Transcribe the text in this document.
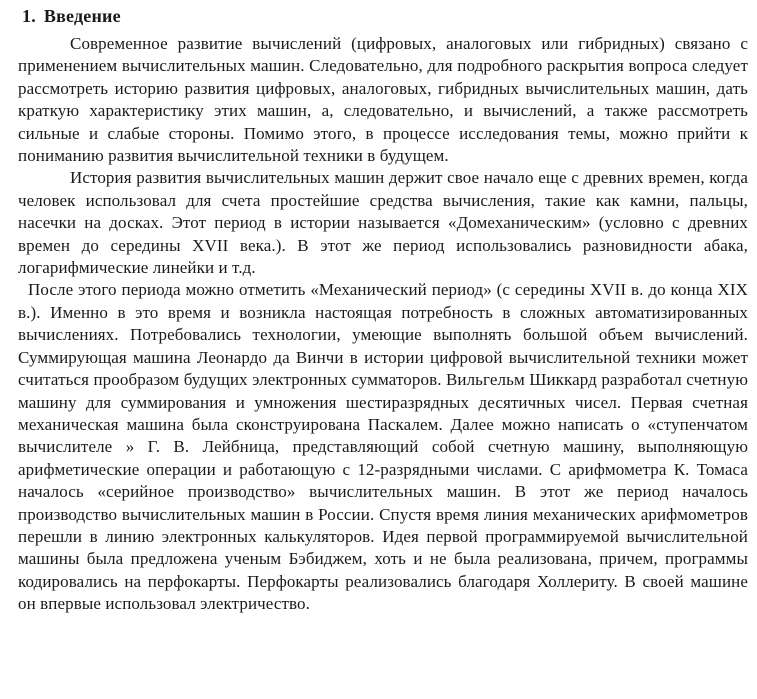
1. Введение

Современное развитие вычислений (цифровых, аналоговых или гибридных) связано с применением вычислительных машин. Следовательно, для подробного раскрытия вопроса следует рассмотреть историю развития цифровых, аналоговых, гибридных вычислительных машин, дать краткую характеристику этих машин, а, следовательно, и вычислений, а также рассмотреть сильные и слабые стороны. Помимо этого, в процессе исследования темы, можно прийти к пониманию развития вычислительной техники в будущем.

История развития вычислительных машин держит свое начало еще с древних времен, когда человек использовал для счета простейшие средства вычисления, такие как камни, пальцы, насечки на досках. Этот период в истории называется «Домеханическим» (условно с древних времен до середины XVII века.). В этот же период использовались разновидности абака, логарифмические линейки и т.д.

После этого периода можно отметить «Механический период» (с середины XVII в. до конца XIX в.). Именно в это время и возникла настоящая потребность в сложных автоматизированных вычислениях. Потребовались технологии, умеющие выполнять большой объем вычислений. Суммирующая машина Леонардо да Винчи в истории цифровой вычислительной техники может считаться прообразом будущих электронных сумматоров. Вильгельм Шиккард разработал счетную машину для суммирования и умножения шестиразрядных десятичных чисел. Первая счетная механическая машина была сконструирована Паскалем. Далее можно написать о «ступенчатом вычислителе » Г. В. Лейбница, представляющий собой счетную машину, выполняющую арифметические операции и работающую с 12-разрядными числами. С арифмометра К. Томаса началось «серийное производство» вычислительных машин. В этот же период началось производство вычислительных машин в России. Спустя время линия механических арифмометров перешли в линию электронных калькуляторов. Идея первой программируемой вычислительной машины была предложена ученым Бэбиджем, хоть и не была реализована, причем, программы кодировались на перфокарты. Перфокарты реализовались благодаря Холлериту. В своей машине он впервые использовал электричество.
